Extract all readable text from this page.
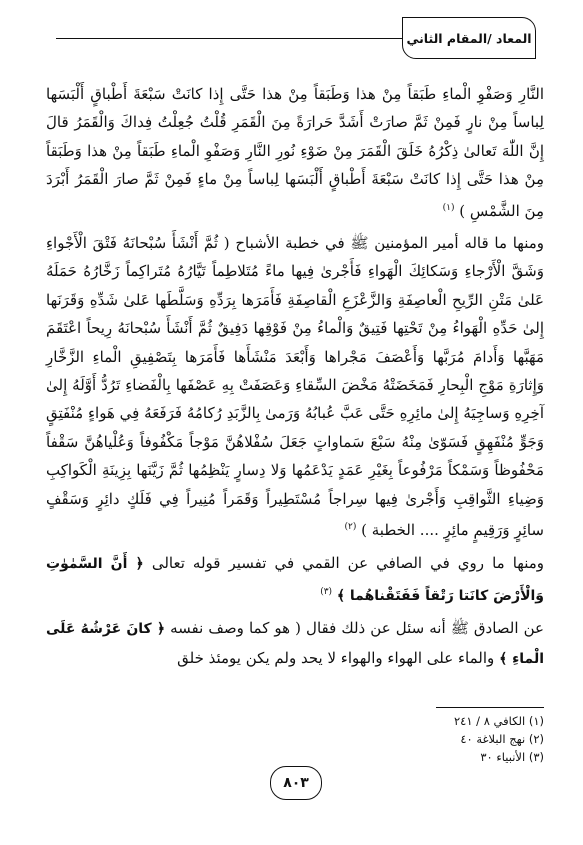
المعاد /المقام الثاني

النَّارِ وَصَفْوِ الْماءِ طَبَقاً مِنْ هذا وَطَبَقاً مِنْ هذا حَتَّى إِذا كانَتْ سَبْعَةَ أَطْباقٍ أَلْبَسَها لِباساً مِنْ نارٍ فَمِنْ ثَمَّ صارَتْ أَشَدَّ حَرارَةً مِنَ الْقَمَرِ قُلْتُ جُعِلْتُ فِداكَ وَالْقَمَرُ قالَ إِنَّ اللّٰهَ تَعالىٰ ذِكْرُهُ خَلَقَ الْقَمَرَ مِنْ ضَوْءِ نُورِ النَّارِ وَصَفْوِ الْماءِ طَبَقاً مِنْ هذا وَطَبَقاً مِنْ هذا حَتَّى إِذا كانَتْ سَبْعَةَ أَطْباقٍ أَلْبَسَها لِباساً مِنْ ماءٍ فَمِنْ ثَمَّ صارَ الْقَمَرُ أَبْرَدَ مِنَ الشَّمْسِ ) $^{(١)}$

ومنها ما قاله أمير المؤمنين ﷺ في خطبة الأشباح ( ثُمَّ أَنْشَأَ سُبْحانَهُ فَتْقَ الْأَجْواءِ وَشَقَّ الْأَرْجاءِ وَسَكائِكَ الْهَواءِ فَأَجْرىٰ فِيها ماءً مُتَلاطِماً تَيَّارُهُ مُتَراكِماً زَخَّارُهُ حَمَلَهُ عَلىٰ مَتْنِ الرِّيحِ الْعاصِفَةِ وَالزَّعْزَعِ الْقاصِفَةِ فَأَمَرَها بِرَدِّهِ وَسَلَّطَها عَلىٰ شَدِّهِ وَقَرَنَها إِلىٰ حَدِّهِ الْهَواءُ مِنْ تَحْتِها فَتِيقٌ وَالْماءُ مِنْ فَوْقِها دَفِيقٌ ثُمَّ أَنْشَأَ سُبْحانَهُ رِيحاً اعْتَقَمَ مَهَبَّها وَأَدامَ مُرَبَّها وَأَعْصَفَ مَجْراها وَأَبْعَدَ مَنْشَأَها فَأَمَرَها بِتَصْفِيقِ الْماءِ الزَّخَّارِ وَإِثارَةِ مَوْجِ الْبِحارِ فَمَخَضَتْهُ مَخْضَ السِّقاءِ وَعَصَفَتْ بِهِ عَصْفَها بِالْفَضاءِ تَرُدُّ أَوَّلَهُ إِلىٰ آخِرِهِ وَساجِيَهُ إِلىٰ مائِرِهِ حَتَّى عَبَّ عُبابُهُ وَرَمىٰ بِالزَّبَدِ رُكامُهُ فَرَفَعَهُ فِي هَواءٍ مُنْفَتِقٍ وَجَوٍّ مُنْفَهِقٍ فَسَوّىٰ مِنْهُ سَبْعَ سَماواتٍ جَعَلَ سُفْلاهُنَّ مَوْجاً مَكْفُوفاً وَعُلْياهُنَّ سَقْفاً مَحْفُوظاً وَسَمْكاً مَرْفُوعاً بِغَيْرِ عَمَدٍ يَدْعَمُها وَلا دِسارٍ يَنْظِمُها ثُمَّ زَيَّنَها بِزِينَةِ الْكَواكِبِ وَضِياءِ الثَّواقِبِ وَأَجْرىٰ فِيها سِراجاً مُسْتَطِيراً وَقَمَراً مُنِيراً فِي فَلَكٍ دائِرٍ وَسَقْفٍ سائِرٍ وَرَقِيمٍ مائِرٍ .... الخطبة ) $^{(٢)}$

ومنها ما روي في الصافي عن القمي في تفسير قوله تعالى ﴿ أَنَّ السَّمٰوٰتِ وَالْأَرْضَ كانَتا رَتْقاً فَفَتَقْناهُما ﴾ $^{(٣)}$

عن الصادق ﷺ أنه سئل عن ذلك فقال ( هو كما وصف نفسه ﴿ كانَ عَرْشُهُ عَلَى الْماءِ ﴾ والماء على الهواء والهواء لا يحد ولم يكن يومئذ خلق

(١) الكافي ٨ / ٢٤١
(٢) نهج البلاغة ٤٠
(٣) الأنبياء ٣٠
٨٠٣
